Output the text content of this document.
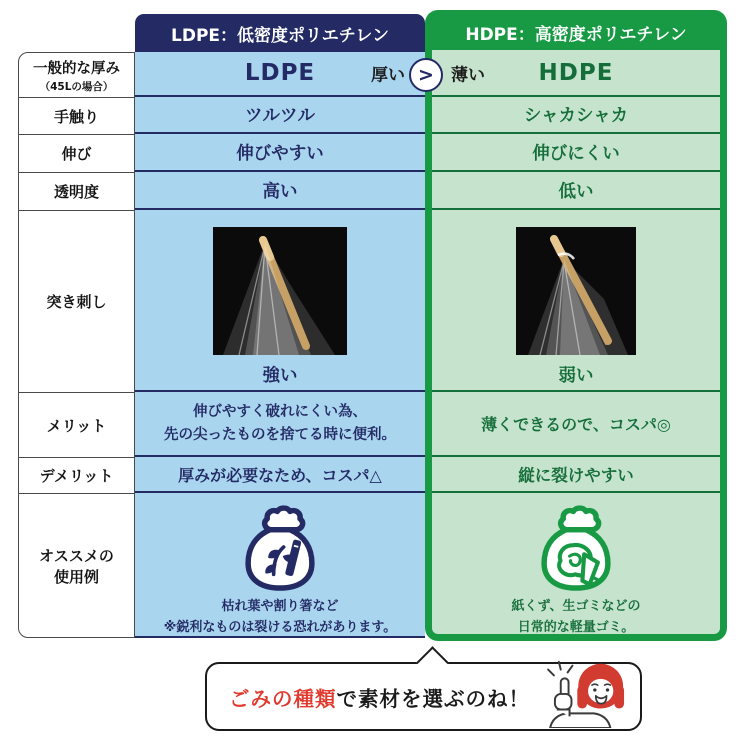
LDPE：低密度ポリエチレン
一般的な厚み
（45Lの場合）
手触り
伸び
透明度
突き刺し
メリット
デメリット
オススメの
使用例
LDPE	厚い
ツルツル
伸びやすい
高い
強い
伸びやすく破れにくい為、
先の尖ったものを捨てる時に便利。
厚みが必要なため、コスパ△
枯れ葉や割り箸など
※鋭利なものは裂ける恐れがあります。
HDPE：高密度ポリエチレン
HDPE
薄い
シャカシャカ
伸びにくい
低い
弱い
薄くできるので、コスパ◎
縦に裂けやすい
紙くず、生ゴミなどの
日常的な軽量ゴミ。
>
ごみの種類 で素材を選ぶのね！
